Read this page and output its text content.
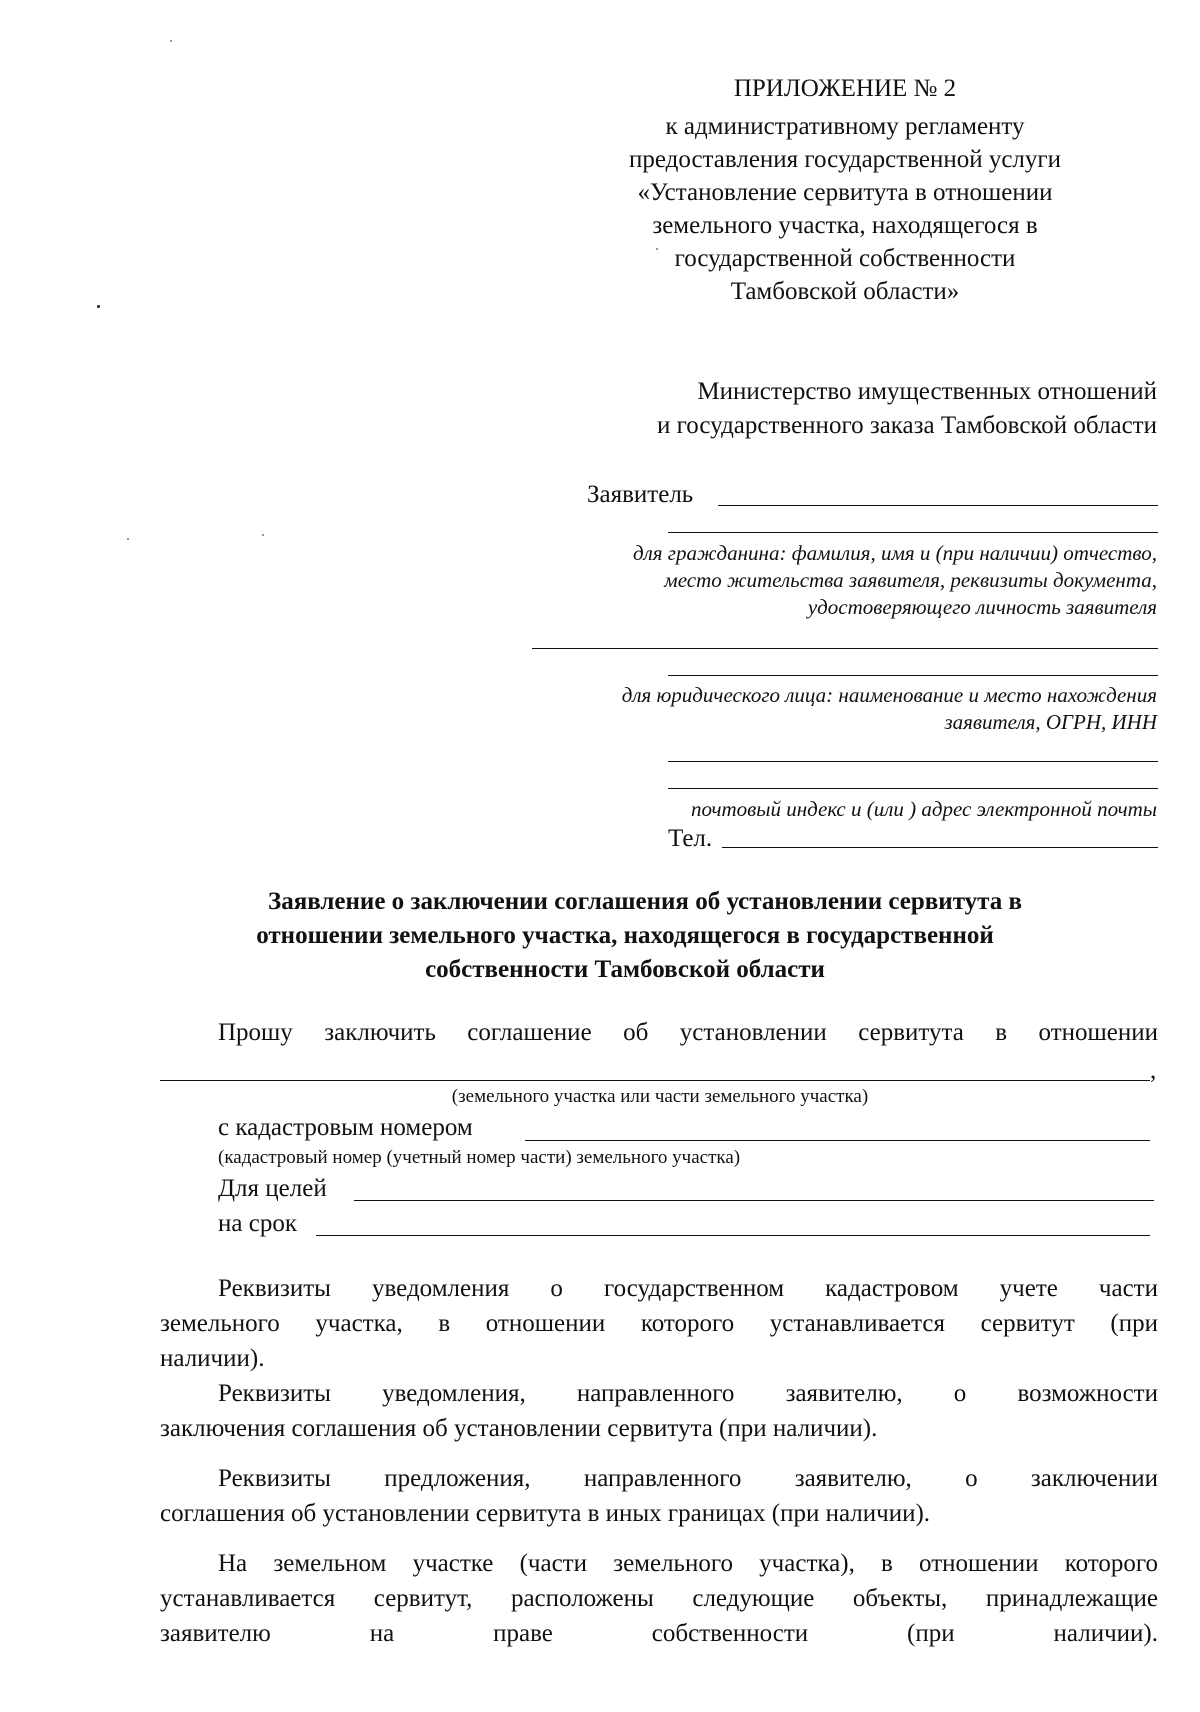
ПРИЛОЖЕНИЕ № 2
к административному регламенту
предоставления государственной услуги
«Установление сервитута в отношении
земельного участка, находящегося в
государственной собственности
Тамбовской области»
Министерство имущественных отношений
и государственного заказа Тамбовской области
Заявитель
для гражданина: фамилия, имя и (при наличии) отчество,
место жительства заявителя, реквизиты документа,
удостоверяющего личность заявителя
для юридического лица: наименование и место нахождения
заявителя, ОГРН, ИНН
почтовый индекс и (или ) адрес электронной почты
Тел.
Заявление о заключении соглашения об установлении сервитута в
отношении земельного участка, находящегося в государственной
собственности Тамбовской области
Прошу заключить соглашение об установлении сервитута в отношении
,
(земельного участка или части земельного участка)
с кадастровым номером
(кадастровый номер (учетный номер части) земельного участка)
Для целей
на срок
Реквизиты уведомления о государственном кадастровом учете части
земельного участка, в отношении которого устанавливается сервитут (при
наличии).
Реквизиты уведомления, направленного заявителю, о возможности
заключения соглашения об установлении сервитута (при наличии).
Реквизиты предложения, направленного заявителю, о заключении
соглашения об установлении сервитута в иных границах (при наличии).
На земельном участке (части земельного участка), в отношении которого
устанавливается сервитут, расположены следующие объекты, принадлежащие
заявителю на праве собственности (при наличии).
